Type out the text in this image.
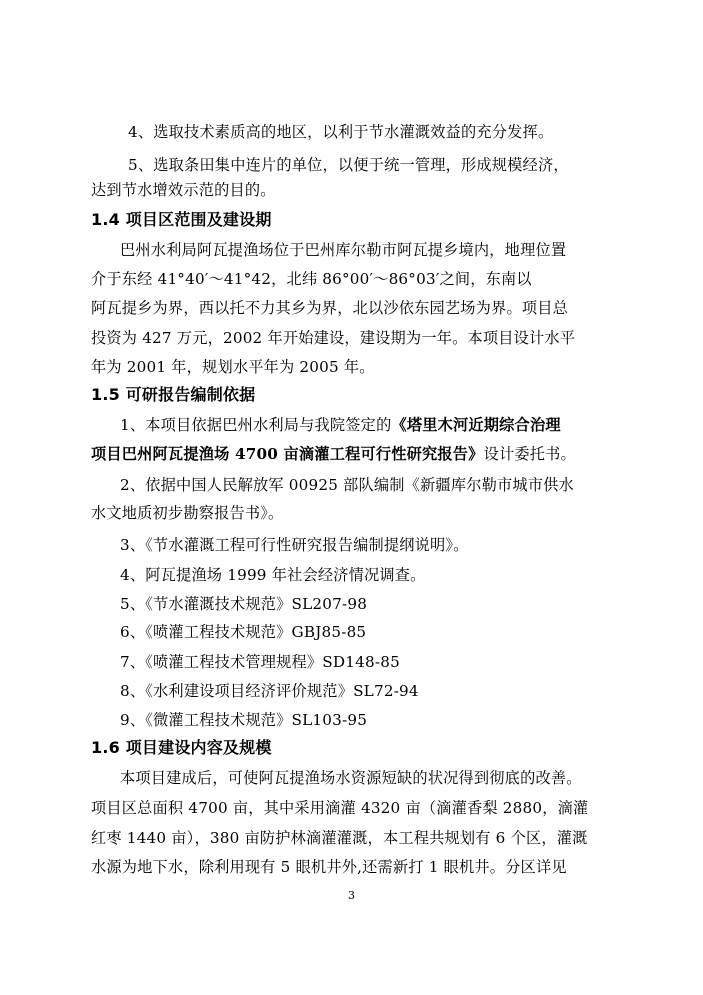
4、选取技术素质高的地区，以利于节水灌溉效益的充分发挥。
5、选取条田集中连片的单位，以便于统一管理，形成规模经济，
达到节水增效示范的目的。
1.4 项目区范围及建设期
巴州水利局阿瓦提渔场位于巴州库尔勒市阿瓦提乡境内，地理位置
介于东经 41°40′～41°42，北纬 86°00′～86°03′之间，东南以
阿瓦提乡为界，西以托不力其乡为界，北以沙依东园艺场为界。项目总
投资为 427 万元，2002 年开始建设，建设期为一年。本项目设计水平
年为 2001 年，规划水平年为 2005 年。
1.5 可研报告编制依据
1、本项目依据巴州水利局与我院签定的《塔里木河近期综合治理
项目巴州阿瓦提渔场 4700 亩滴灌工程可行性研究报告》设计委托书。
2、依据中国人民解放军 00925 部队编制《新疆库尔勒市城市供水
水文地质初步勘察报告书》。
3、《节水灌溉工程可行性研究报告编制提纲说明》。
4、阿瓦提渔场 1999 年社会经济情况调查。
5、《节水灌溉技术规范》SL207-98
6、《喷灌工程技术规范》GBJ85-85
7、《喷灌工程技术管理规程》SD148-85
8、《水利建设项目经济评价规范》SL72-94
9、《微灌工程技术规范》SL103-95
1.6 项目建设内容及规模
本项目建成后，可使阿瓦提渔场水资源短缺的状况得到彻底的改善。
项目区总面积 4700 亩，其中采用滴灌 4320 亩（滴灌香梨 2880，滴灌
红枣 1440 亩），380 亩防护林滴灌灌溉，本工程共规划有 6 个区，灌溉
水源为地下水，除利用现有 5 眼机井外,还需新打 1 眼机井。分区详见
3
